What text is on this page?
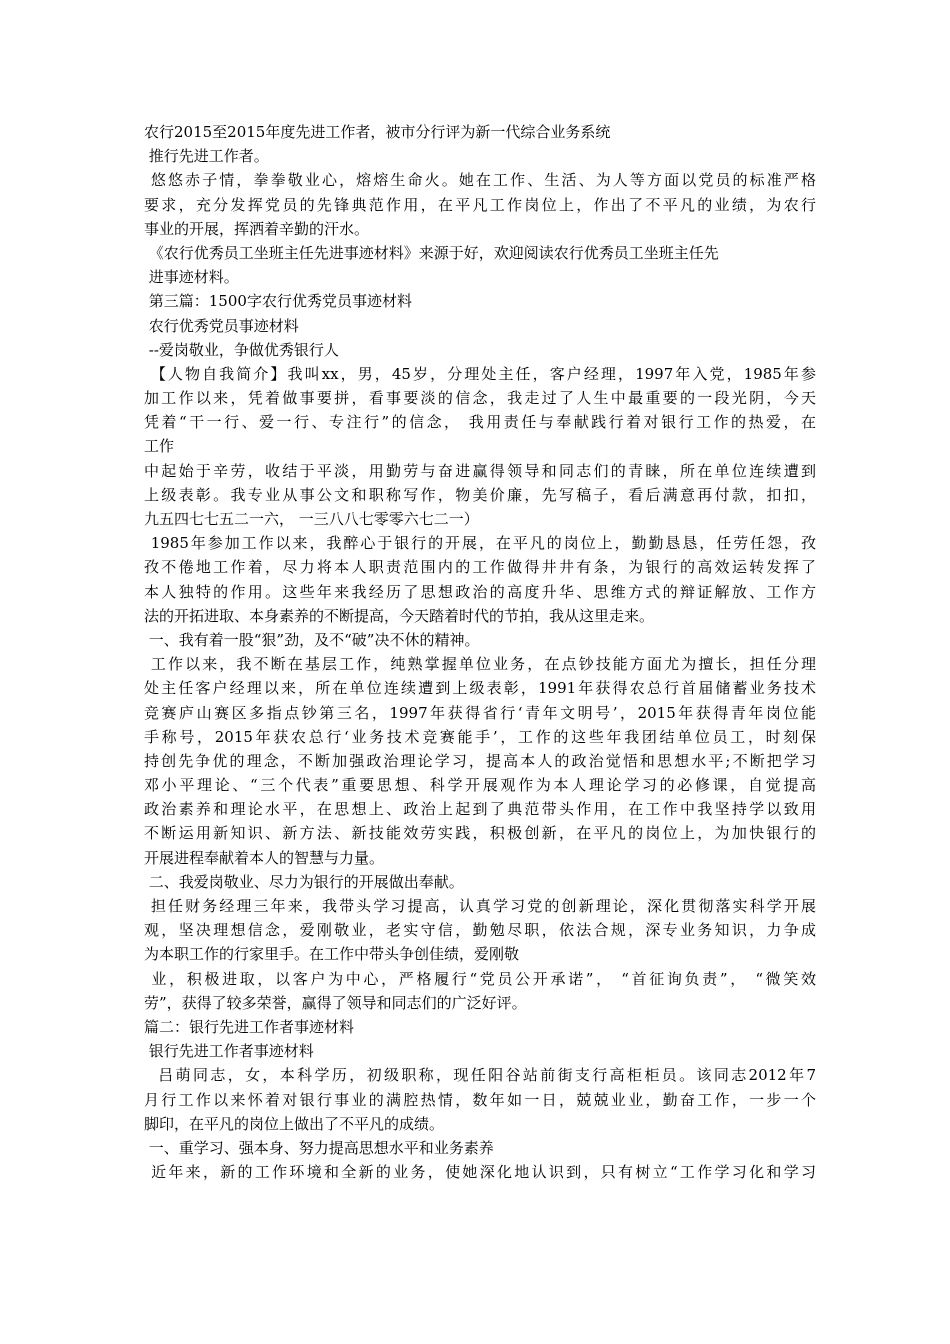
农行2015至2015年度先进工作者，被市分行评为新一代综合业务系统
推行先进工作者。
悠悠赤子情，拳拳敬业心，熔熔生命火。她在工作、生活、为人等方面以党员的标准严格
要求，充分发挥党员的先锋典范作用，在平凡工作岗位上，作出了不平凡的业绩，为农行
事业的开展，挥洒着辛勤的汗水。
《农行优秀员工坐班主任先进事迹材料》来源于好，欢迎阅读农行优秀员工坐班主任先
进事迹材料。
第三篇：1500字农行优秀党员事迹材料
农行优秀党员事迹材料
--爱岗敬业，争做优秀银行人
【人物自我简介】我叫xx，男，45岁，分理处主任，客户经理，1997年入党，1985年参
加工作以来，凭着做事要拼，看事要淡的信念，我走过了人生中最重要的一段光阴，今天
凭着“干一行、爱一行、专注行”的信念， 我用责任与奉献践行着对银行工作的热爱，在
工作
中起始于辛劳，收结于平淡，用勤劳与奋进赢得领导和同志们的青睐，所在单位连续遭到
上级表彰。我专业从事公文和职称写作，物美价廉，先写稿子，看后满意再付款，扣扣，
九五四七七五二一六， 一三八八七零零六七二一）
1985年参加工作以来，我醉心于银行的开展，在平凡的岗位上，勤勤恳恳，任劳任怨，孜
孜不倦地工作着，尽力将本人职责范围内的工作做得井井有条，为银行的高效运转发挥了
本人独特的作用。这些年来我经历了思想政治的高度升华、思维方式的辩证解放、工作方
法的开拓进取、本身素养的不断提高，今天踏着时代的节拍，我从这里走来。
一、我有着一股“狠”劲，及不“破”决不休的精神。
工作以来，我不断在基层工作，纯熟掌握单位业务，在点钞技能方面尤为擅长，担任分理
处主任客户经理以来，所在单位连续遭到上级表彰，1991年获得农总行首届储蓄业务技术
竞赛庐山赛区多指点钞第三名，1997年获得省行‘青年文明号’，2015年获得青年岗位能
手称号，2015年获农总行‘业务技术竞赛能手’，工作的这些年我团结单位员工，时刻保
持创先争优的理念，不断加强政治理论学习，提高本人的政治觉悟和思想水平;不断把学习
邓小平理论、“三个代表”重要思想、科学开展观作为本人理论学习的必修课，自觉提高
政治素养和理论水平，在思想上、政治上起到了典范带头作用，在工作中我坚持学以致用
不断运用新知识、新方法、新技能效劳实践，积极创新，在平凡的岗位上，为加快银行的
开展进程奉献着本人的智慧与力量。
二、我爱岗敬业、尽力为银行的开展做出奉献。
担任财务经理三年来，我带头学习提高，认真学习党的创新理论，深化贯彻落实科学开展
观，坚决理想信念，爱刚敬业，老实守信，勤勉尽职，依法合规，深专业务知识，力争成
为本职工作的行家里手。在工作中带头争创佳绩，爱刚敬
业，积极进取，以客户为中心，严格履行“党员公开承诺”， “首征询负责”， “微笑效
劳”，获得了较多荣誉，赢得了领导和同志们的广泛好评。
篇二：银行先进工作者事迹材料
银行先进工作者事迹材料
吕萌同志，女，本科学历，初级职称，现任阳谷站前街支行高柜柜员。该同志2012年7
月行工作以来怀着对银行事业的满腔热情，数年如一日，兢兢业业，勤奋工作，一步一个
脚印，在平凡的岗位上做出了不平凡的成绩。
一、重学习、强本身、努力提高思想水平和业务素养
近年来，新的工作环境和全新的业务，使她深化地认识到，只有树立“工作学习化和学习
